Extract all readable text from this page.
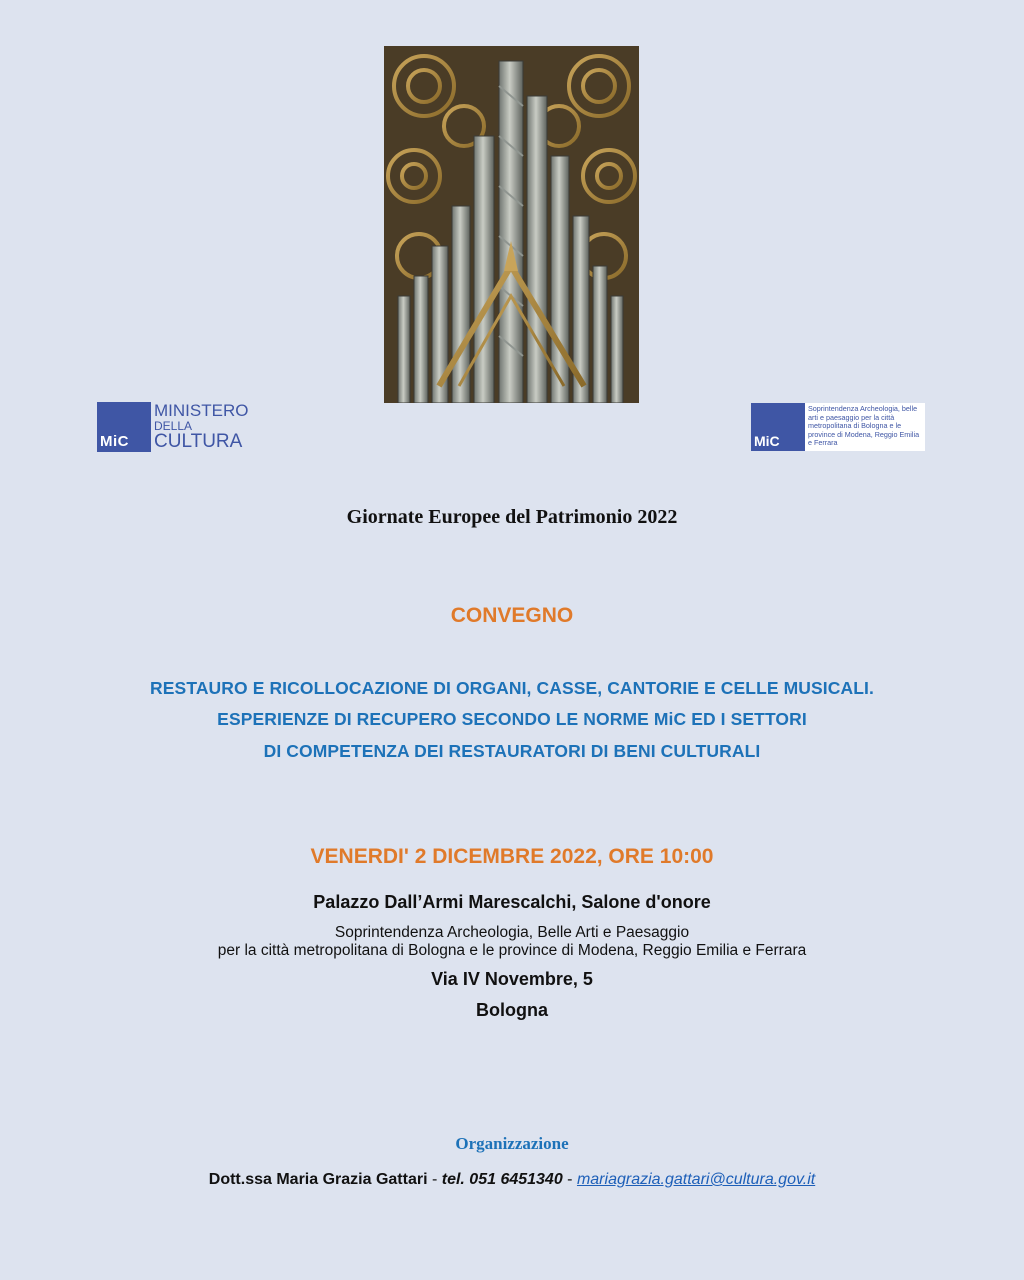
MiC
MINISTERO
DELLA
CULTURA	MiC
Soprintendenza Archeologia, belle arti e paesaggio per la città metropolitana di Bologna e le province di Modena, Reggio Emilia e Ferrara
Giornate Europee del Patrimonio 2022
CONVEGNO
RESTAURO E RICOLLOCAZIONE DI ORGANI, CASSE, CANTORIE E CELLE MUSICALI.
ESPERIENZE DI RECUPERO SECONDO LE NORME MiC ED I SETTORI
DI COMPETENZA DEI RESTAURATORI DI BENI CULTURALI
VENERDI' 2 DICEMBRE 2022, ORE 10:00
Palazzo Dall’Armi Marescalchi, Salone d'onore
Soprintendenza Archeologia, Belle Arti e Paesaggio
per la città metropolitana di Bologna e le province di Modena, Reggio Emilia e Ferrara
Via IV Novembre, 5
Bologna
Organizzazione
Dott.ssa Maria Grazia Gattari - tel. 051 6451340 - mariagrazia.gattari@cultura.gov.it
